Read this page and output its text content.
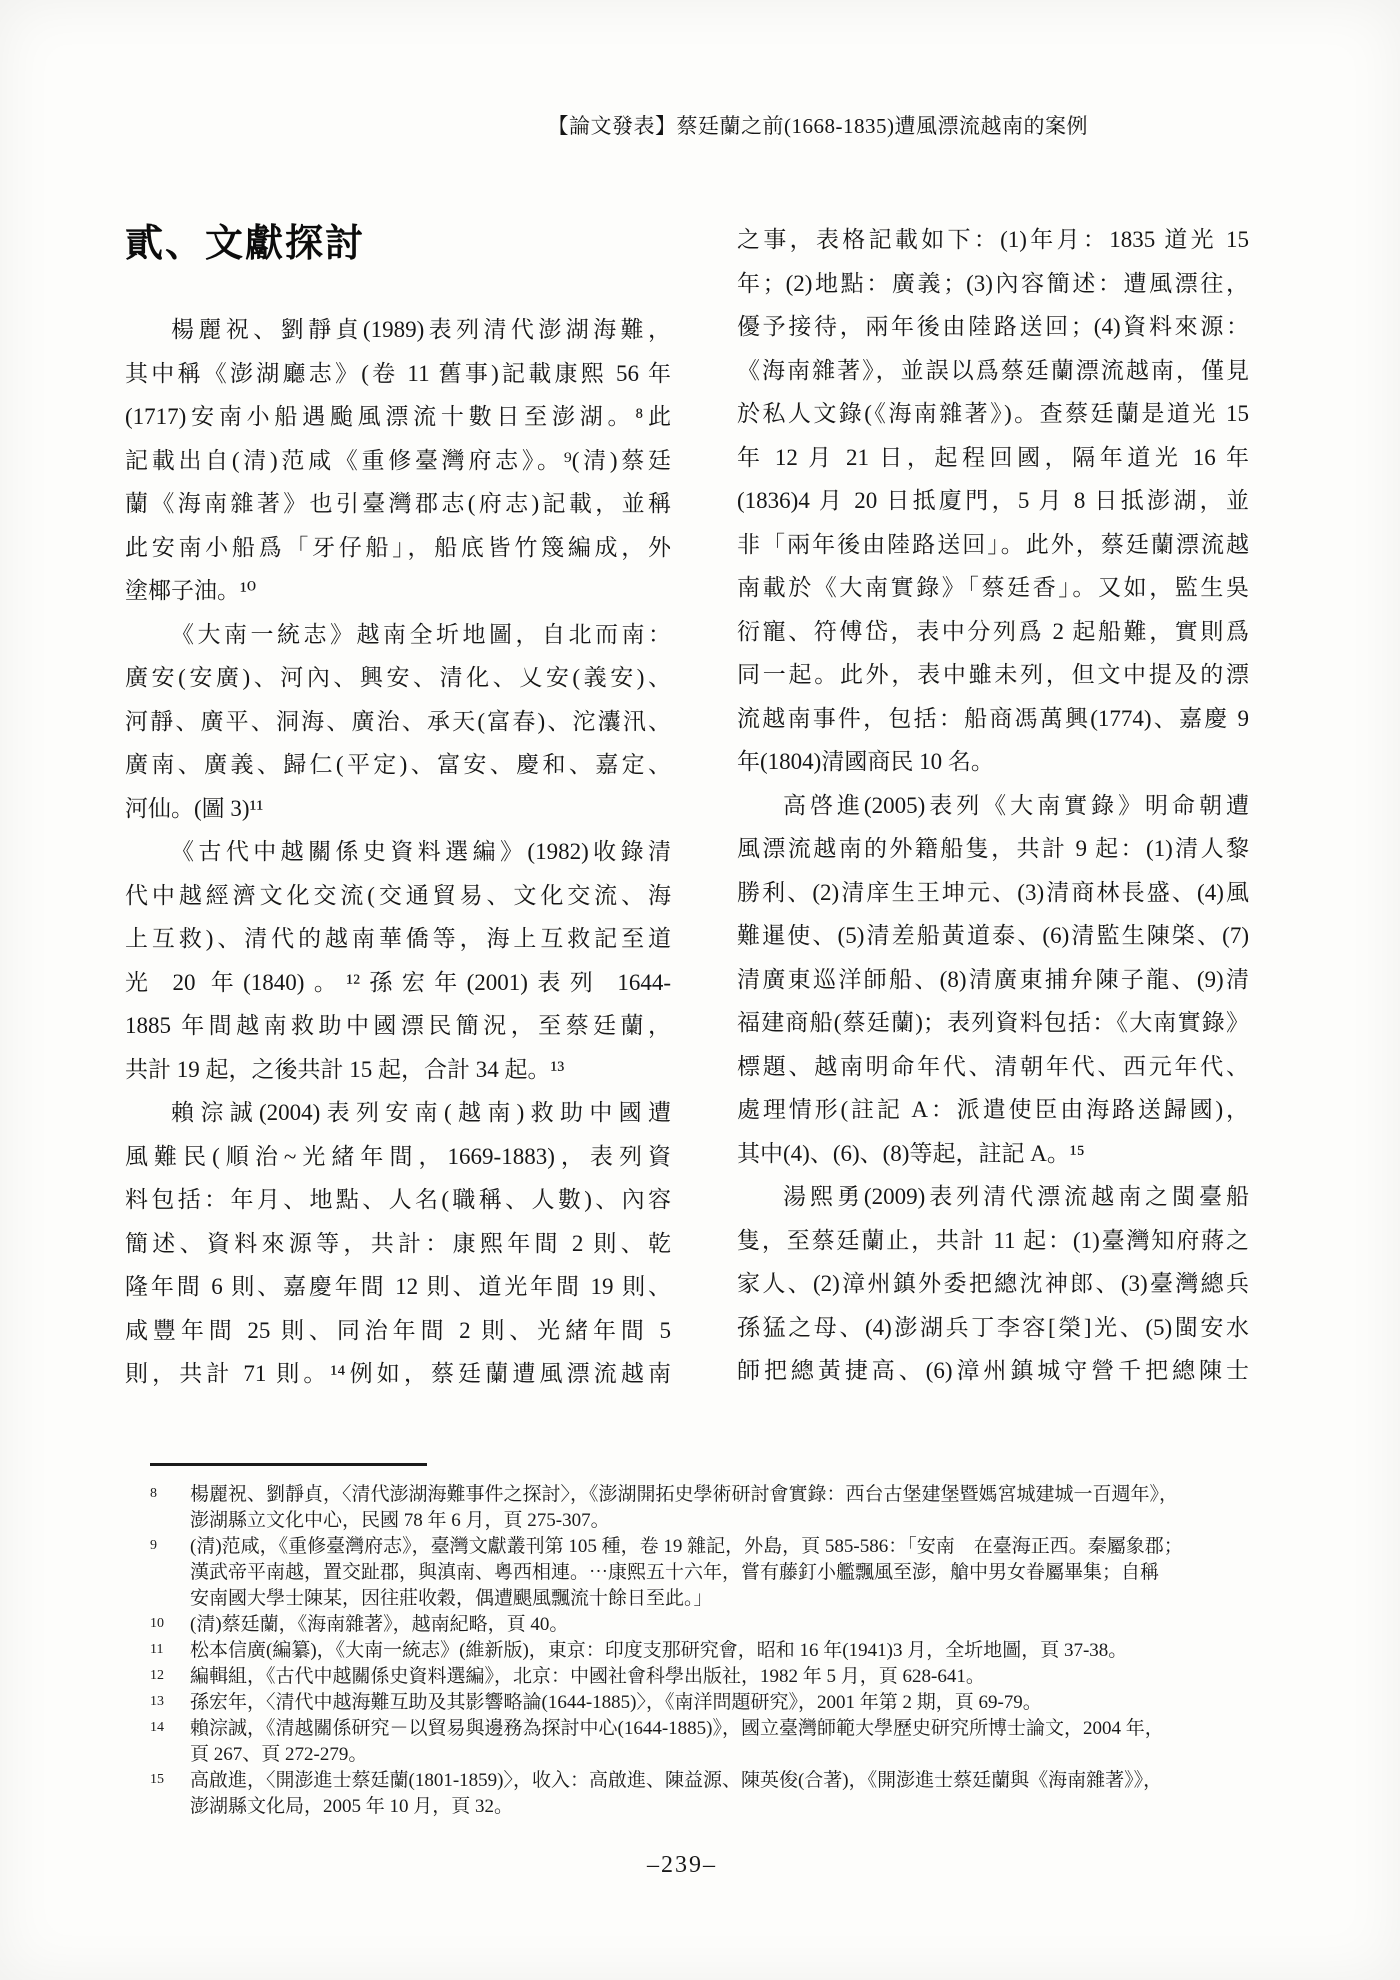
【論文發表】蔡廷蘭之前(1668-1835)遭風漂流越南的案例
貳、文獻探討
楊麗祝、劉靜貞(1989)表列清代澎湖海難，
其中稱《澎湖廳志》(卷 11 舊事)記載康熙 56 年
(1717)安南小船遇颱風漂流十數日至澎湖。⁸此
記載出自(清)范咸《重修臺灣府志》。⁹(清)蔡廷
蘭《海南雜著》也引臺灣郡志(府志)記載，並稱
此安南小船爲「牙仔船」，船底皆竹篾編成，外
塗椰子油。¹⁰
《大南一統志》越南全圻地圖，自北而南：
廣安(安廣)、河內、興安、清化、乂安(義安)、
河靜、廣平、洞海、廣治、承天(富春)、沱灢汛、
廣南、廣義、歸仁(平定)、富安、慶和、嘉定、
河仙。(圖 3)¹¹
《古代中越關係史資料選編》(1982)收錄清
代中越經濟文化交流(交通貿易、文化交流、海
上互救)、清代的越南華僑等，海上互救記至道
光 20 年(1840)。¹²孫宏年(2001)表列 1644-
1885 年間越南救助中國漂民簡況，至蔡廷蘭，
共計 19 起，之後共計 15 起，合計 34 起。¹³
賴淙誠(2004)表列安南(越南)救助中國遭
風難民(順治~光緒年間，1669-1883)，表列資
料包括：年月、地點、人名(職稱、人數)、內容
簡述、資料來源等，共計：康熙年間 2 則、乾
隆年間 6 則、嘉慶年間 12 則、道光年間 19 則、
咸豐年間 25 則、同治年間 2 則、光緒年間 5
則，共計 71 則。¹⁴例如，蔡廷蘭遭風漂流越南
之事，表格記載如下：(1)年月：1835 道光 15
年；(2)地點：廣義；(3)內容簡述：遭風漂往，
優予接待，兩年後由陸路送回；(4)資料來源：
《海南雜著》，並誤以爲蔡廷蘭漂流越南，僅見
於私人文錄(《海南雜著》)。查蔡廷蘭是道光 15
年 12 月 21 日，起程回國，隔年道光 16 年
(1836)4 月 20 日抵廈門，5 月 8 日抵澎湖，並
非「兩年後由陸路送回」。此外，蔡廷蘭漂流越
南載於《大南實錄》「蔡廷香」。又如，監生吳
衍寵、符傅岱，表中分列爲 2 起船難，實則爲
同一起。此外，表中雖未列，但文中提及的漂
流越南事件，包括：船商馮萬興(1774)、嘉慶 9
年(1804)清國商民 10 名。
高啓進(2005)表列《大南實錄》明命朝遭
風漂流越南的外籍船隻，共計 9 起：(1)清人黎
勝利、(2)清庠生王坤元、(3)清商林長盛、(4)風
難暹使、(5)清差船黃道泰、(6)清監生陳棨、(7)
清廣東巡洋師船、(8)清廣東捕弁陳子龍、(9)清
福建商船(蔡廷蘭)；表列資料包括：《大南實錄》
標題、越南明命年代、清朝年代、西元年代、
處理情形(註記 A：派遣使臣由海路送歸國)，
其中(4)、(6)、(8)等起，註記 A。¹⁵
湯熙勇(2009)表列清代漂流越南之閩臺船
隻，至蔡廷蘭止，共計 11 起：(1)臺灣知府蔣之
家人、(2)漳州鎮外委把總沈神郎、(3)臺灣總兵
孫猛之母、(4)澎湖兵丁李容[榮]光、(5)閩安水
師把總黃捷高、(6)漳州鎮城守營千把總陳士
8	楊麗祝、劉靜貞，〈清代澎湖海難事件之探討〉，《澎湖開拓史學術研討會實錄：西台古堡建堡暨媽宮城建城一百週年》，
澎湖縣立文化中心，民國 78 年 6 月，頁 275-307。
9	(清)范咸，《重修臺灣府志》，臺灣文獻叢刊第 105 種，卷 19 雜記，外島，頁 585-586：「安南　在臺海正西。秦屬象郡；
漢武帝平南越，置交趾郡，與滇南、粵西相連。⋯康熙五十六年，嘗有藤釘小艦飄風至澎，艙中男女眷屬畢集；自稱
安南國大學士陳某，因往莊收穀，偶遭颶風飄流十餘日至此。」
10	(清)蔡廷蘭，《海南雜著》，越南紀略，頁 40。
11	松本信廣(編纂)，《大南一統志》(維新版)，東京：印度支那研究會，昭和 16 年(1941)3 月，全圻地圖，頁 37-38。
12	編輯組，《古代中越關係史資料選編》，北京：中國社會科學出版社，1982 年 5 月，頁 628-641。
13	孫宏年，〈清代中越海難互助及其影響略論(1644-1885)〉，《南洋問題研究》，2001 年第 2 期，頁 69-79。
14	賴淙誠，《清越關係研究－以貿易與邊務為探討中心(1644-1885)》，國立臺灣師範大學歷史研究所博士論文，2004 年，
頁 267、頁 272-279。
15	高啟進，〈開澎進士蔡廷蘭(1801-1859)〉，收入：高啟進、陳益源、陳英俊(合著)，《開澎進士蔡廷蘭與《海南雜著》》，
澎湖縣文化局，2005 年 10 月，頁 32。
–239–
